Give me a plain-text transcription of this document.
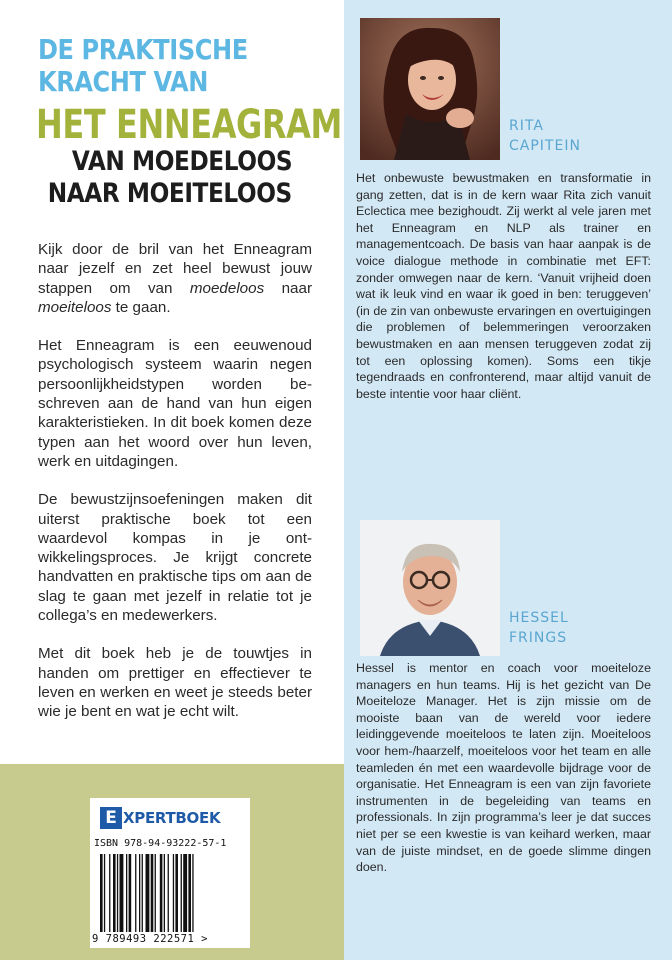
DE PRAKTISCHE
KRACHT VAN
HET ENNEAGRAM
VAN MOEDELOOS
NAAR MOEITELOOS

Kijk door de bril van het Enneagram naar jezelf en zet heel bewust jouw stappen om van moedeloos naar moeiteloos te gaan.

Het Enneagram is een eeuwenoud psychologisch systeem waarin negen persoonlijkheidstypen worden beschreven aan de hand van hun eigen karakteristieken. In dit boek komen deze typen aan het woord over hun leven, werk en uitdagingen.

De bewustzijnsoefeningen maken dit uiterst praktische boek tot een waardevol kompas in je ontwikkelingsproces. Je krijgt concrete handvatten en praktische tips om aan de slag te gaan met jezelf in relatie tot je collega’s en medewerkers.

Met dit boek heb je de touwtjes in handen om prettiger en effectiever te leven en werken en weet je steeds beter wie je bent en wat je echt wilt.

RITA
CAPITEIN
Het onbewuste bewustmaken en transformatie in gang zetten, dat is in de kern waar Rita zich vanuit Eclectica mee bezighoudt. Zij werkt al vele jaren met het Enneagram en NLP als trainer en managementcoach. De basis van haar aanpak is de voice dialogue methode in combinatie met EFT: zonder omwegen naar de kern. ‘Vanuit vrijheid doen wat ik leuk vind en waar ik goed in ben: teruggeven’ (in de zin van onbewuste ervaringen en overtuigingen die problemen of belemmeringen veroorzaken bewustmaken en aan mensen teruggeven zodat zij tot een oplossing komen). Soms een tikje tegendraads en confronterend, maar altijd vanuit de beste intentie voor haar cliënt.
HESSEL
FRINGS
Hessel is mentor en coach voor moeiteloze managers en hun teams. Hij is het gezicht van De Moeiteloze Manager. Het is zijn missie om de mooiste baan van de wereld voor iedere leidinggevende moeiteloos te laten zijn. Moeiteloos voor hem-/haarzelf, moeiteloos voor het team en alle teamleden én met een waardevolle bijdrage voor de organisatie. Het Enneagram is een van zijn favoriete instrumenten in de begeleiding van teams en professionals. In zijn programma’s leer je dat succes niet per se een kwestie is van keihard werken, maar van de juiste mindset, en de goede slimme dingen doen.
E XPERTBOEK
ISBN 978-94-93222-57-1
9 789493 222571 >
